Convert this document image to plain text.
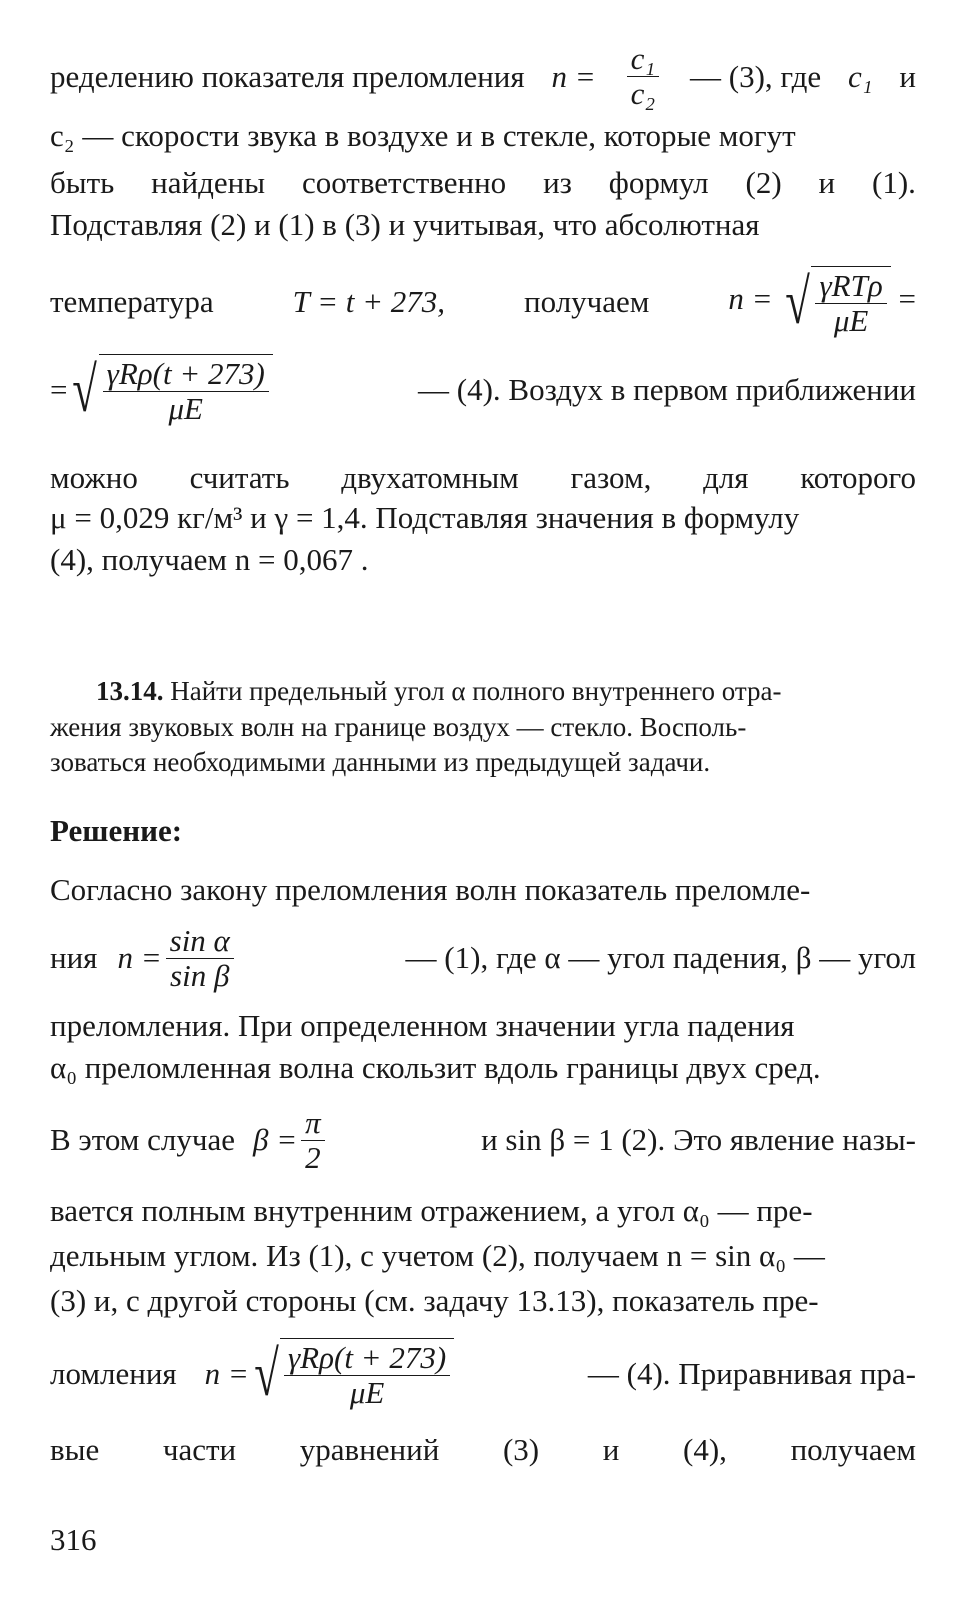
ределению показателя преломления $n = \frac{\text{c₁}}{\text{c₂}}$ — (3), где c₁ и
c₂ — скорости звука в воздухе и в стекле, которые могут
быть найдены соответственно из формул (2) и (1).
Подставляя (2) и (1) в (3) и учитывая, что абсолютная
температура	T = t + 273,	получаем	n = √ $\frac{\text{γRTρ}}{\mu E}$ =
= √ $\frac{\text{γRρ(t + 273)}}{\mu E}$	— (4). Воздух в первом приближении
можно считать двухатомным газом, для которого
μ = 0,029 кг/м³ и γ = 1,4. Подставляя значения в формулу
(4), получаем n = 0,067 .
13.14. Найти предельный угол α полного внутреннего отра-
жения звуковых волн на границе воздух — стекло. Восполь-
зоваться необходимыми данными из предыдущей задачи.
Решение:
Согласно закону преломления волн показатель преломле-
ния $n = \frac{\text{sin α}}{\text{sin β}}$	— (1), где α — угол падения, β — угол
преломления. При определенном значении угла падения
α₀ преломленная волна скользит вдоль границы двух сред.
В этом случае $\beta = \frac{\pi}{2}$	и sin β = 1 (2). Это явление назы-
вается полным внутренним отражением, а угол α₀ — пре-
дельным углом. Из (1), с учетом (2), получаем n = sin α₀ —
(3) и, с другой стороны (см. задачу 13.13), показатель пре-
ломления n = √ $\frac{\text{γRρ(t + 273)}}{\mu E}$	— (4). Приравнивая пра-
вые части уравнений (3) и (4), получаем
316
